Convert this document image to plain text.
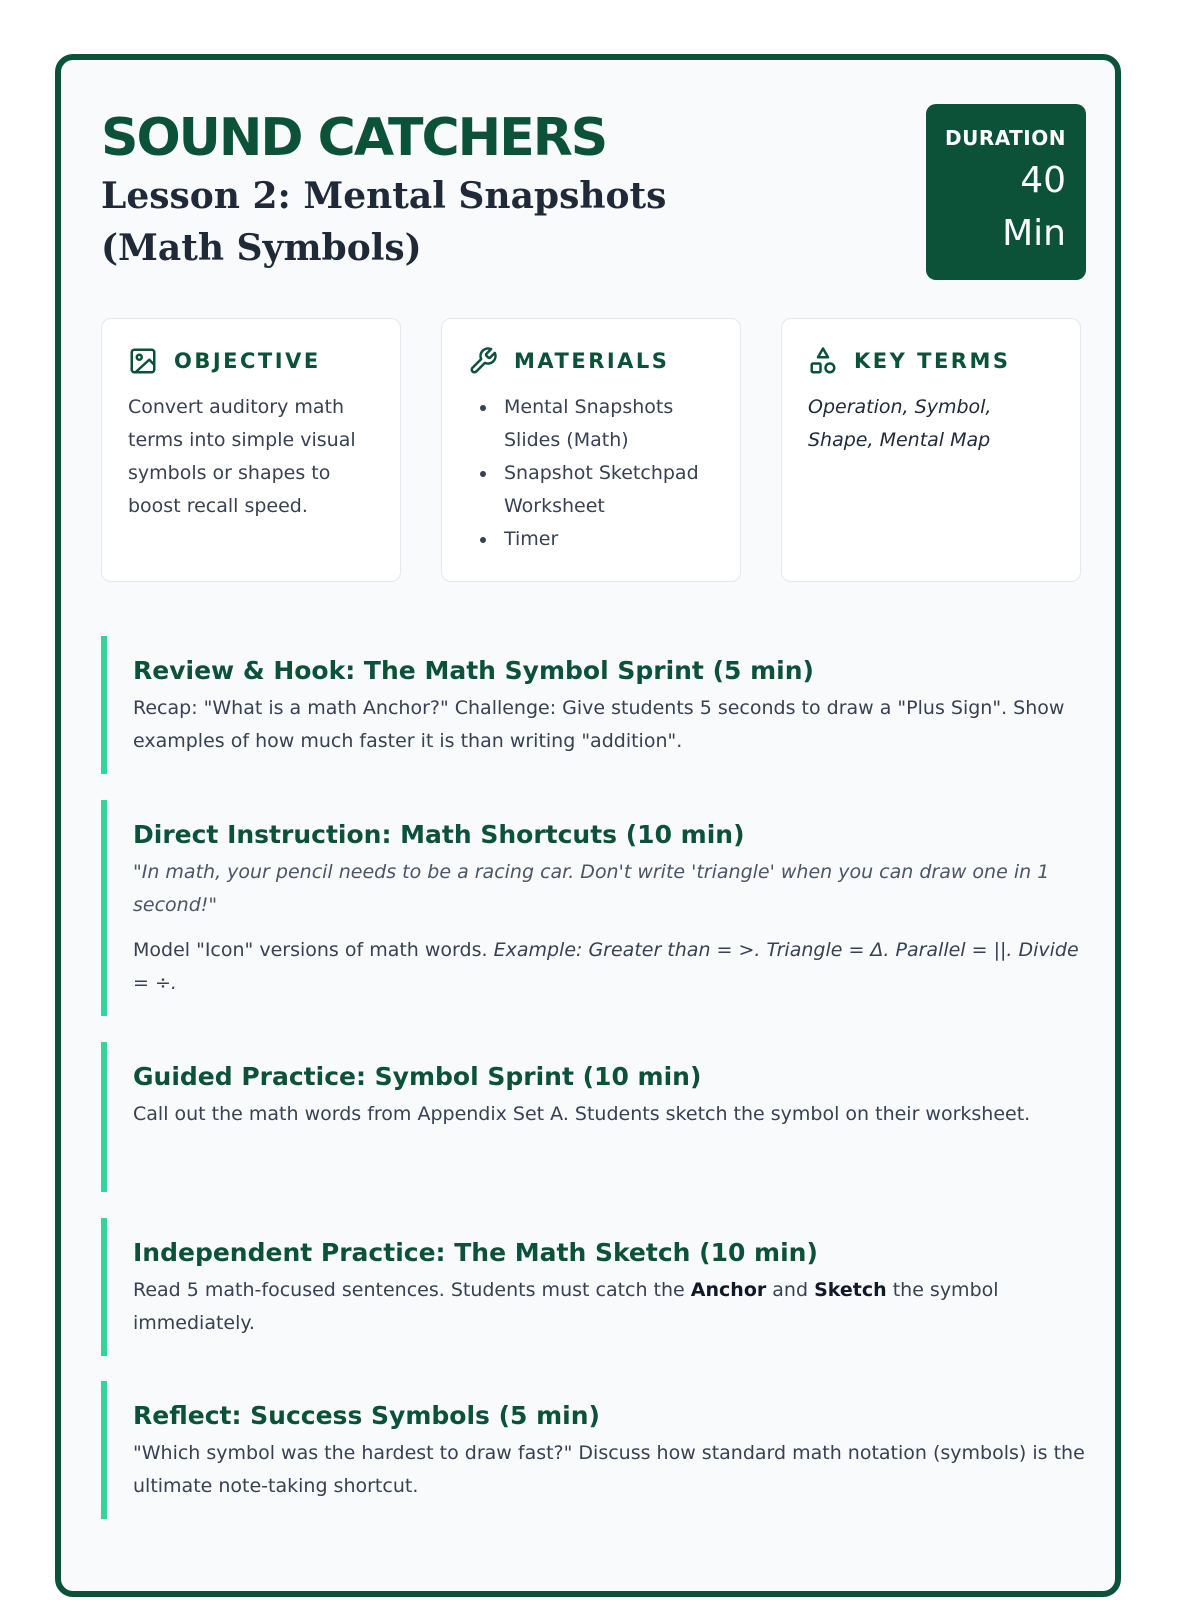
SOUND CATCHERS
Lesson 2: Mental Snapshots (Math Symbols)
DURATION
40
Min
OBJECTIVE
Convert auditory math terms into simple visual symbols or shapes to boost recall speed.
MATERIALS
• Mental Snapshots Slides (Math)
• Snapshot Sketchpad Worksheet
• Timer
KEY TERMS
Operation, Symbol, Shape, Mental Map
Review & Hook: The Math Symbol Sprint (5 min)
Recap: "What is a math Anchor?" Challenge: Give students 5 seconds to draw a "Plus Sign". Show examples of how much faster it is than writing "addition".
Direct Instruction: Math Shortcuts (10 min)
"In math, your pencil needs to be a racing car. Don't write 'triangle' when you can draw one in 1 second!"
Model "Icon" versions of math words. Example: Greater than = >. Triangle = Δ. Parallel = ||. Divide = ÷.
Guided Practice: Symbol Sprint (10 min)
Call out the math words from Appendix Set A. Students sketch the symbol on their worksheet.
Independent Practice: The Math Sketch (10 min)
Read 5 math-focused sentences. Students must catch the Anchor and Sketch the symbol immediately.
Reflect: Success Symbols (5 min)
"Which symbol was the hardest to draw fast?" Discuss how standard math notation (symbols) is the ultimate note-taking shortcut.
